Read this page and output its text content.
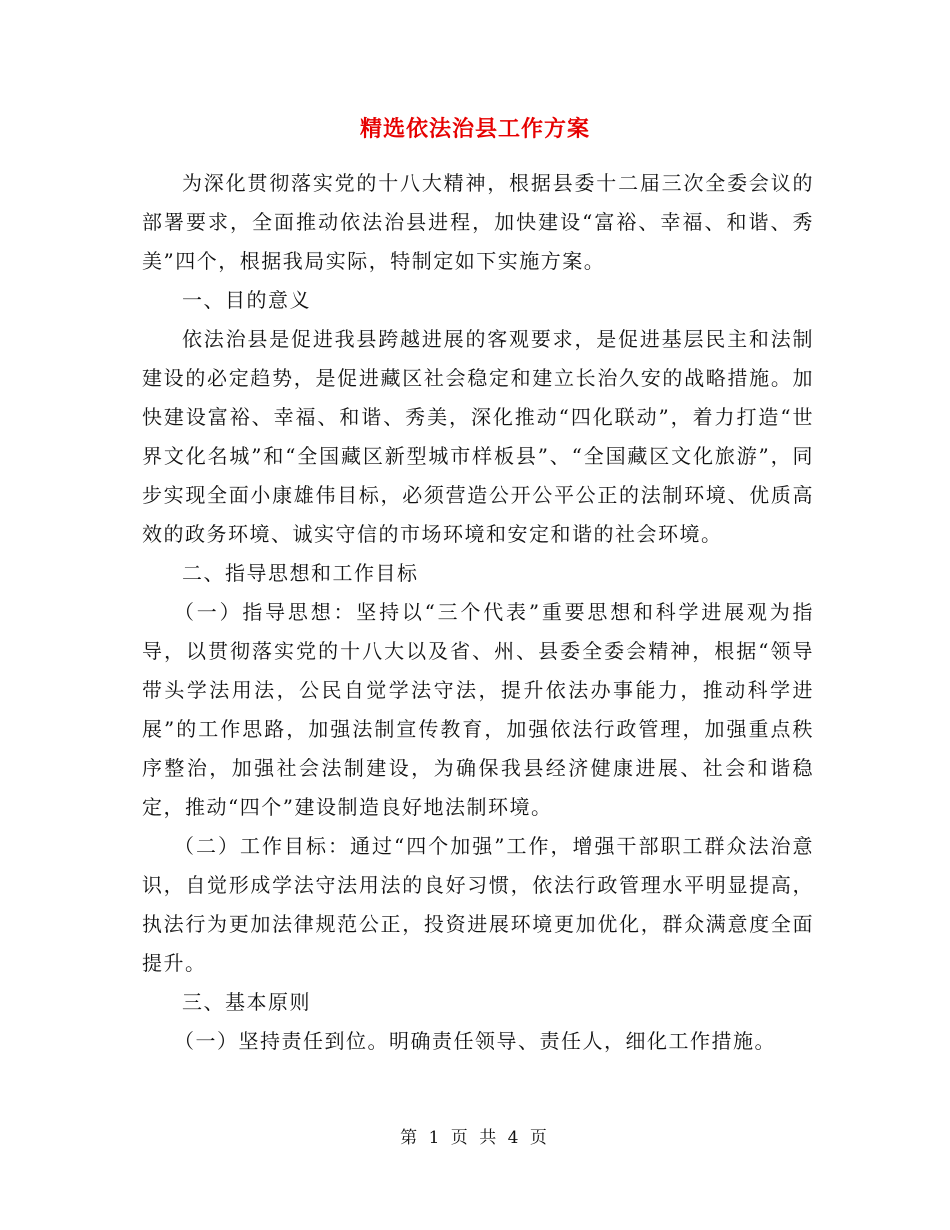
精选依法治县工作方案

为深化贯彻落实党的十八大精神，根据县委十二届三次全委会议的部署要求，全面推动依法治县进程，加快建设“富裕、幸福、和谐、秀美”四个，根据我局实际，特制定如下实施方案。

一、目的意义

依法治县是促进我县跨越进展的客观要求，是促进基层民主和法制建设的必定趋势，是促进藏区社会稳定和建立长治久安的战略措施。加快建设富裕、幸福、和谐、秀美，深化推动“四化联动”，着力打造“世界文化名城”和“全国藏区新型城市样板县”、“全国藏区文化旅游”，同步实现全面小康雄伟目标，必须营造公开公平公正的法制环境、优质高效的政务环境、诚实守信的市场环境和安定和谐的社会环境。

二、指导思想和工作目标

（一）指导思想：坚持以“三个代表”重要思想和科学进展观为指导，以贯彻落实党的十八大以及省、州、县委全委会精神，根据“领导带头学法用法，公民自觉学法守法，提升依法办事能力，推动科学进展”的工作思路，加强法制宣传教育，加强依法行政管理，加强重点秩序整治，加强社会法制建设，为确保我县经济健康进展、社会和谐稳定，推动“四个”建设制造良好地法制环境。

（二）工作目标：通过“四个加强”工作，增强干部职工群众法治意识，自觉形成学法守法用法的良好习惯，依法行政管理水平明显提高，执法行为更加法律规范公正，投资进展环境更加优化，群众满意度全面提升。

三、基本原则

（一）坚持责任到位。明确责任领导、责任人，细化工作措施。

第 1 页 共 4 页
